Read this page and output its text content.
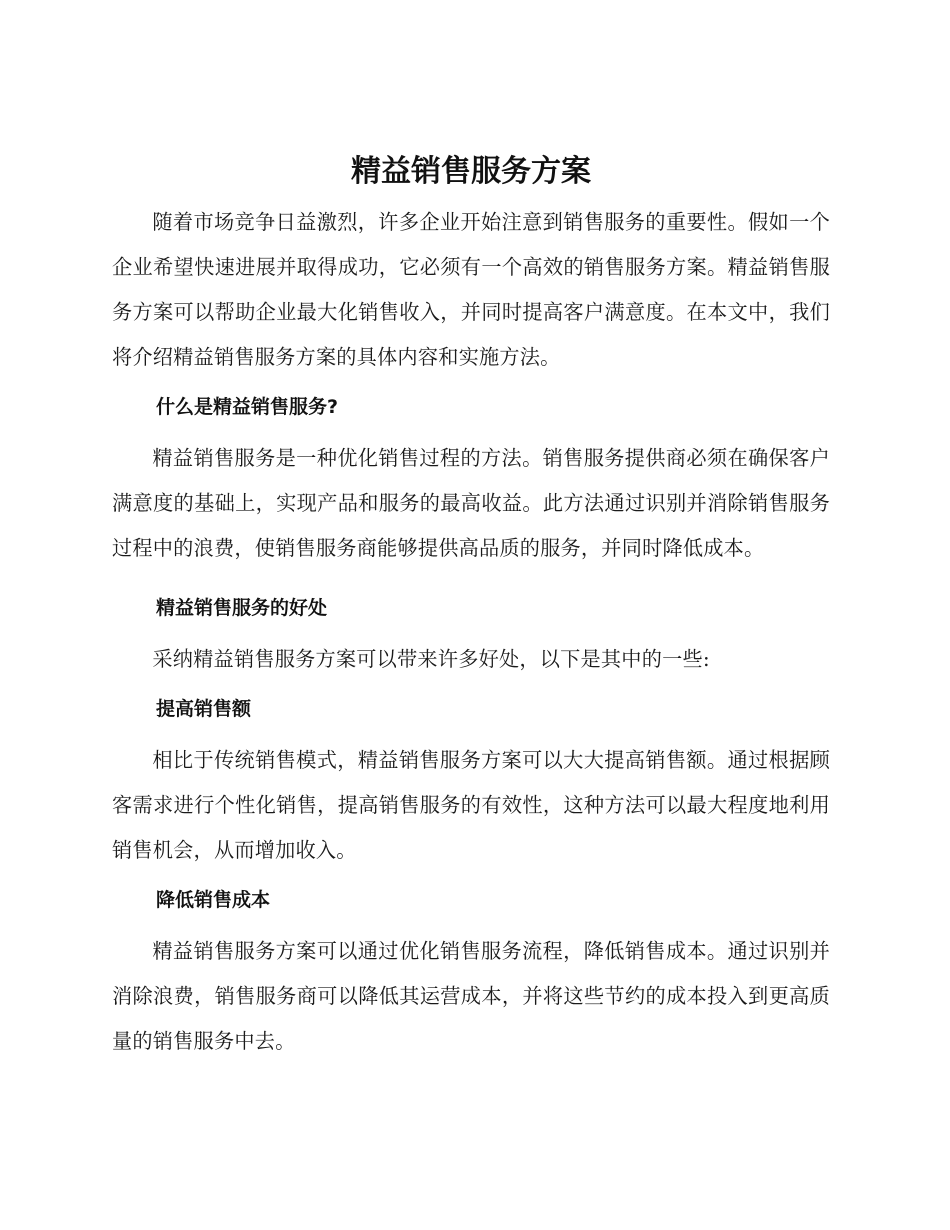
精益销售服务方案

随着市场竞争日益激烈，许多企业开始注意到销售服务的重要性。假如一个企业希望快速进展并取得成功，它必须有一个高效的销售服务方案。精益销售服务方案可以帮助企业最大化销售收入，并同时提高客户满意度。在本文中，我们将介绍精益销售服务方案的具体内容和实施方法。

什么是精益销售服务?

精益销售服务是一种优化销售过程的方法。销售服务提供商必须在确保客户满意度的基础上，实现产品和服务的最高收益。此方法通过识别并消除销售服务过程中的浪费，使销售服务商能够提供高品质的服务，并同时降低成本。

精益销售服务的好处

采纳精益销售服务方案可以带来许多好处，以下是其中的一些:

提高销售额

相比于传统销售模式，精益销售服务方案可以大大提高销售额。通过根据顾客需求进行个性化销售，提高销售服务的有效性，这种方法可以最大程度地利用销售机会，从而增加收入。

降低销售成本

精益销售服务方案可以通过优化销售服务流程，降低销售成本。通过识别并消除浪费，销售服务商可以降低其运营成本，并将这些节约的成本投入到更高质量的销售服务中去。
